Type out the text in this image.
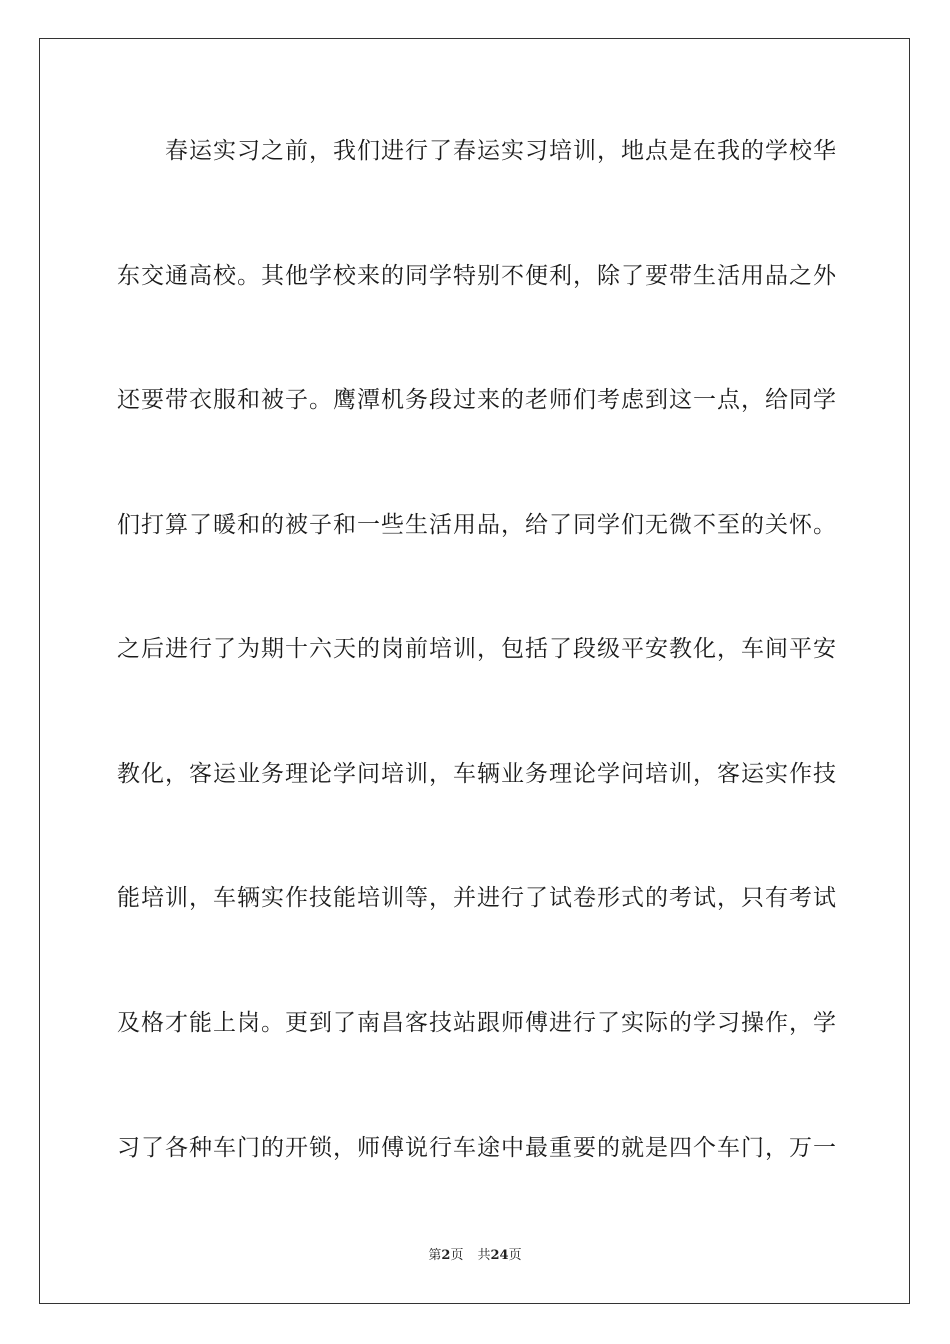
春运实习之前，我们进行了春运实习培训，地点是在我的学校华
东交通高校。其他学校来的同学特别不便利，除了要带生活用品之外
还要带衣服和被子。鹰潭机务段过来的老师们考虑到这一点，给同学
们打算了暖和的被子和一些生活用品，给了同学们无微不至的关怀。
之后进行了为期十六天的岗前培训，包括了段级平安教化，车间平安
教化，客运业务理论学问培训，车辆业务理论学问培训，客运实作技
能培训，车辆实作技能培训等，并进行了试卷形式的考试，只有考试
及格才能上岗。更到了南昌客技站跟师傅进行了实际的学习操作，学
习了各种车门的开锁，师傅说行车途中最重要的就是四个车门，万一
第2页 共24页
